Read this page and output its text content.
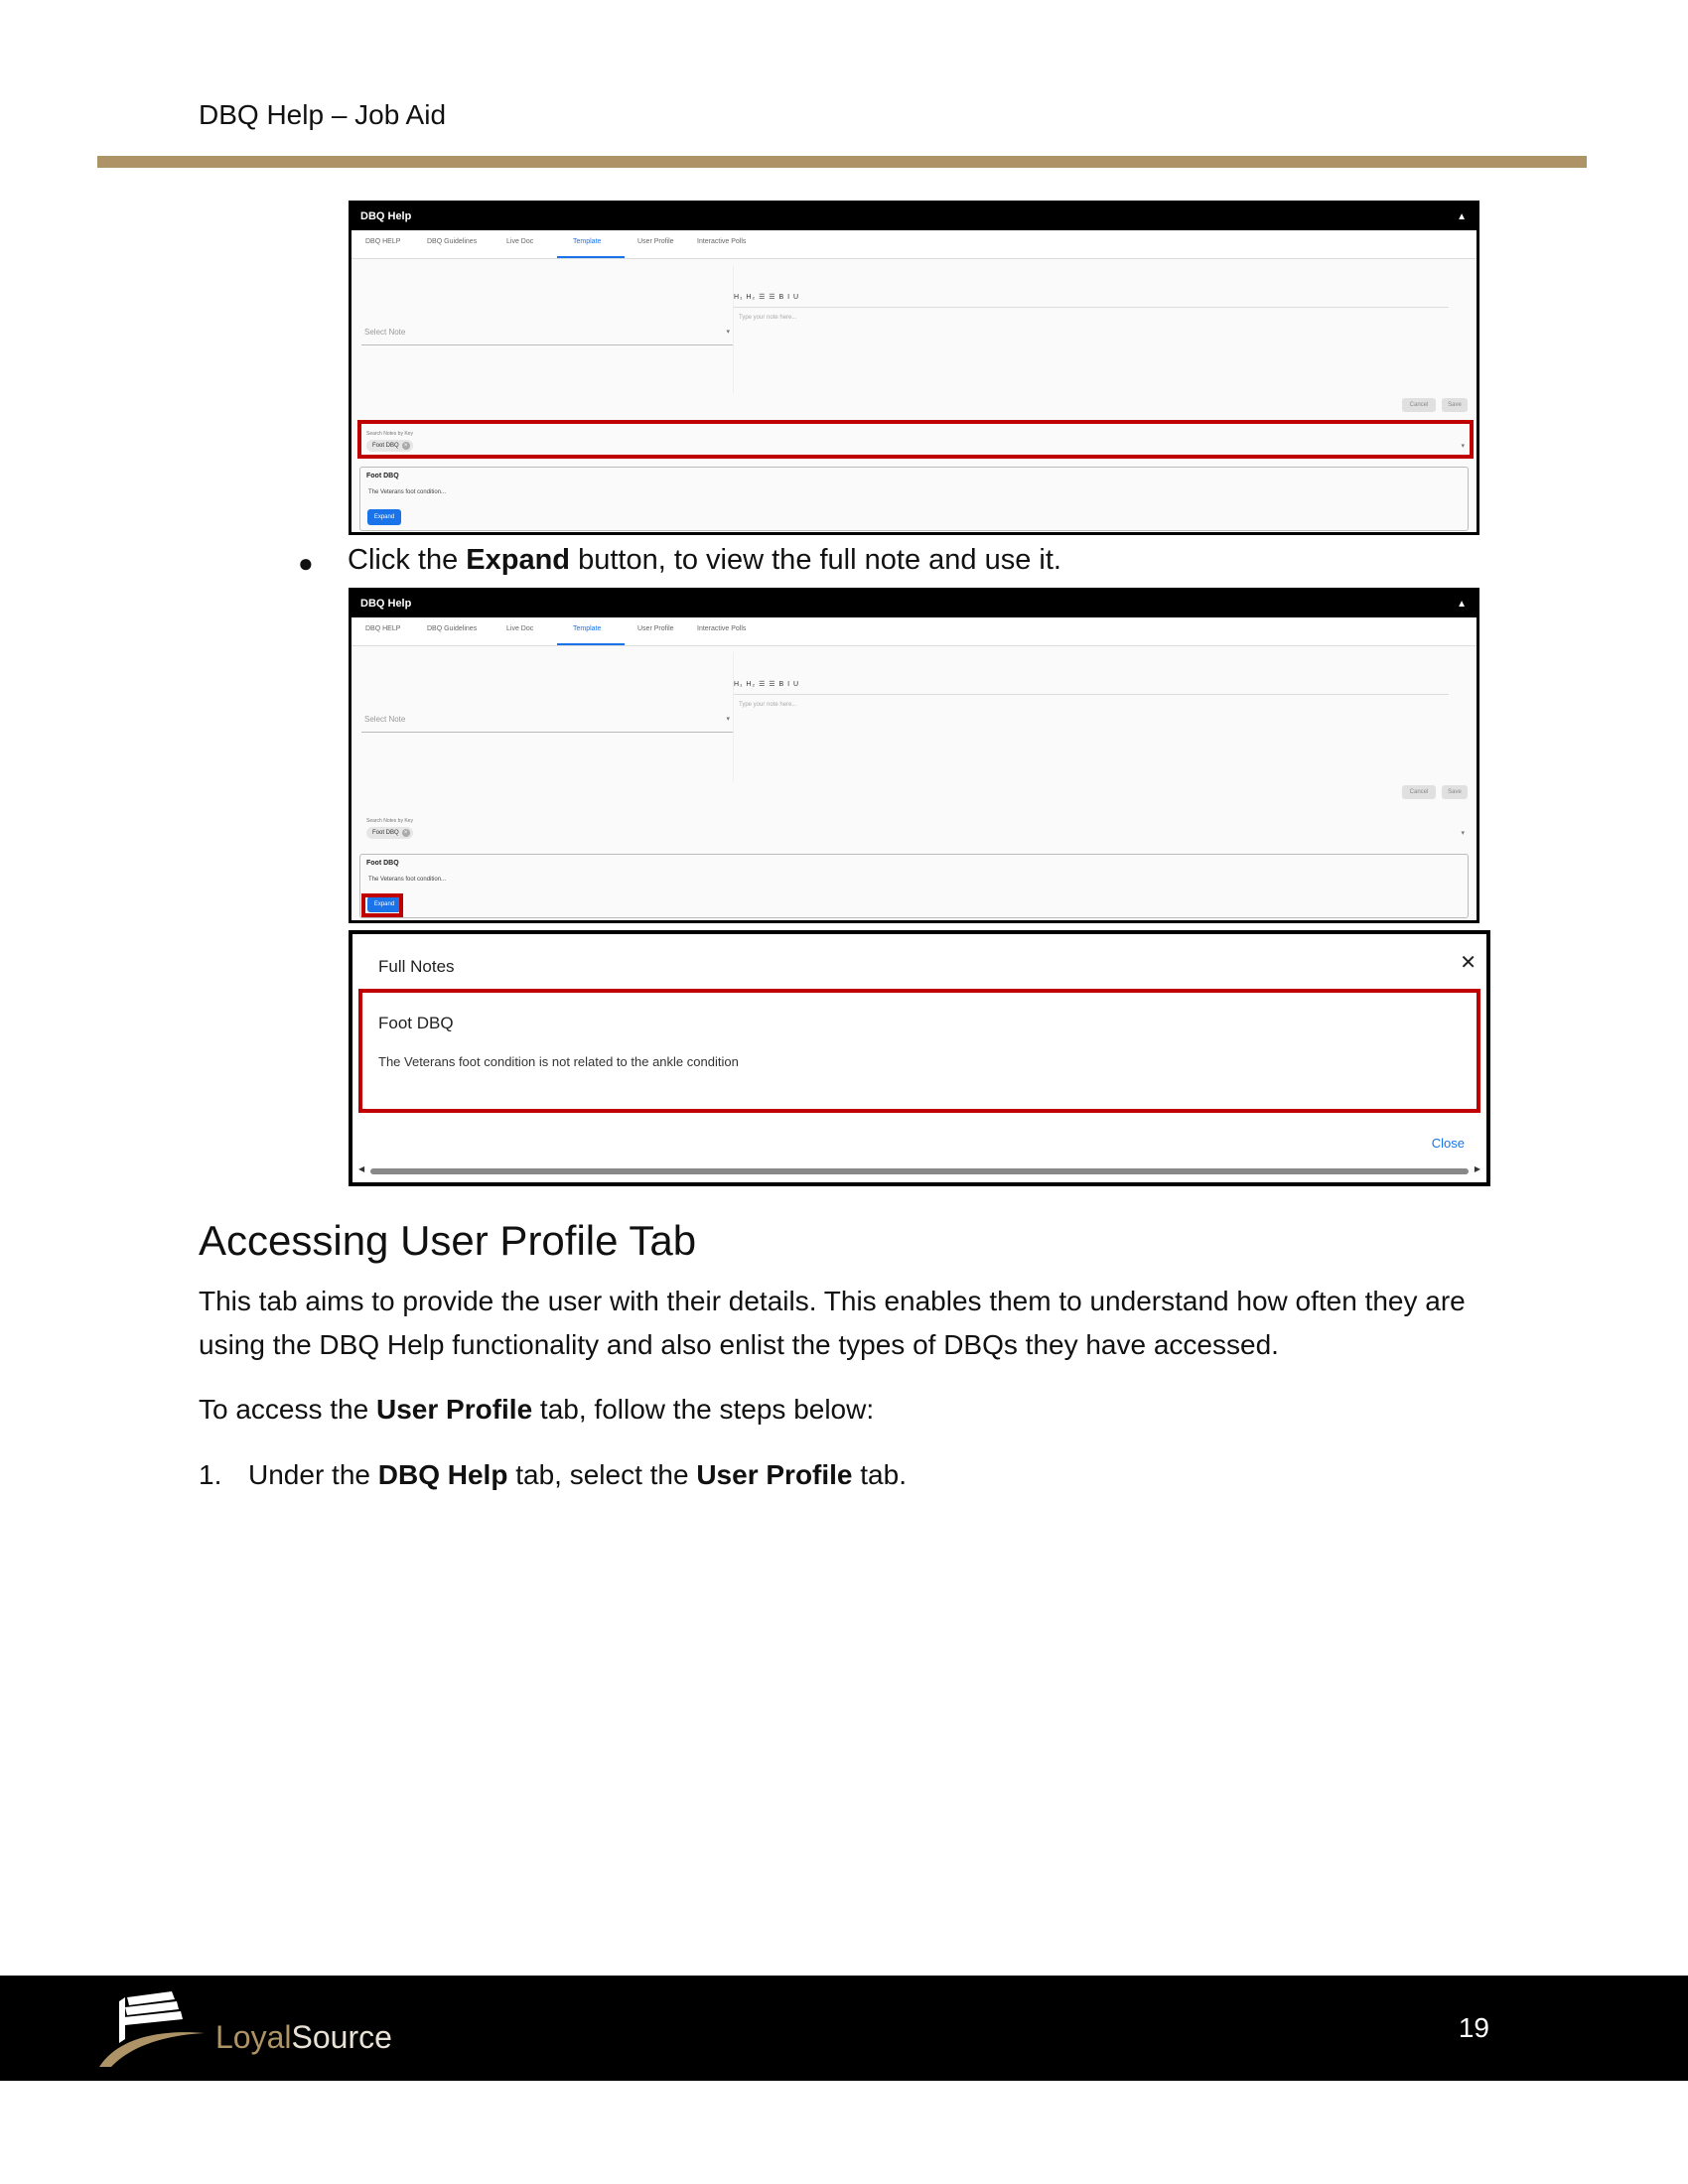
DBQ Help – Job Aid
DBQ Help	▲
DBQ HELP	DBQ Guidelines	Live Doc	Template	User Profile	Interactive Polls
Select Note	▾
H₁ H₂ ☰ ☰ B I U
Type your note here...
Cancel	Save
Search Notes by Key
Foot DBQ ×	▾
Foot DBQ
The Veterans foot condition...
Expand
● Click the Expand button, to view the full note and use it.
DBQ Help	▲
DBQ HELP	DBQ Guidelines	Live Doc	Template	User Profile	Interactive Polls
Select Note	▾
H₁ H₂ ☰ ☰ B I U
Type your note here...
Cancel	Save
Search Notes by Key
Foot DBQ ×	▾
Foot DBQ
The Veterans foot condition...
Expand
Full Notes	✕
Foot DBQ
The Veterans foot condition is not related to the ankle condition
Close
◀	▶
Accessing User Profile Tab
This tab aims to provide the user with their details. This enables them to understand how often they are using the DBQ Help functionality and also enlist the types of DBQs they have accessed.
To access the User Profile tab, follow the steps below:
1. Under the DBQ Help tab, select the User Profile tab.
LoyalSource	19
